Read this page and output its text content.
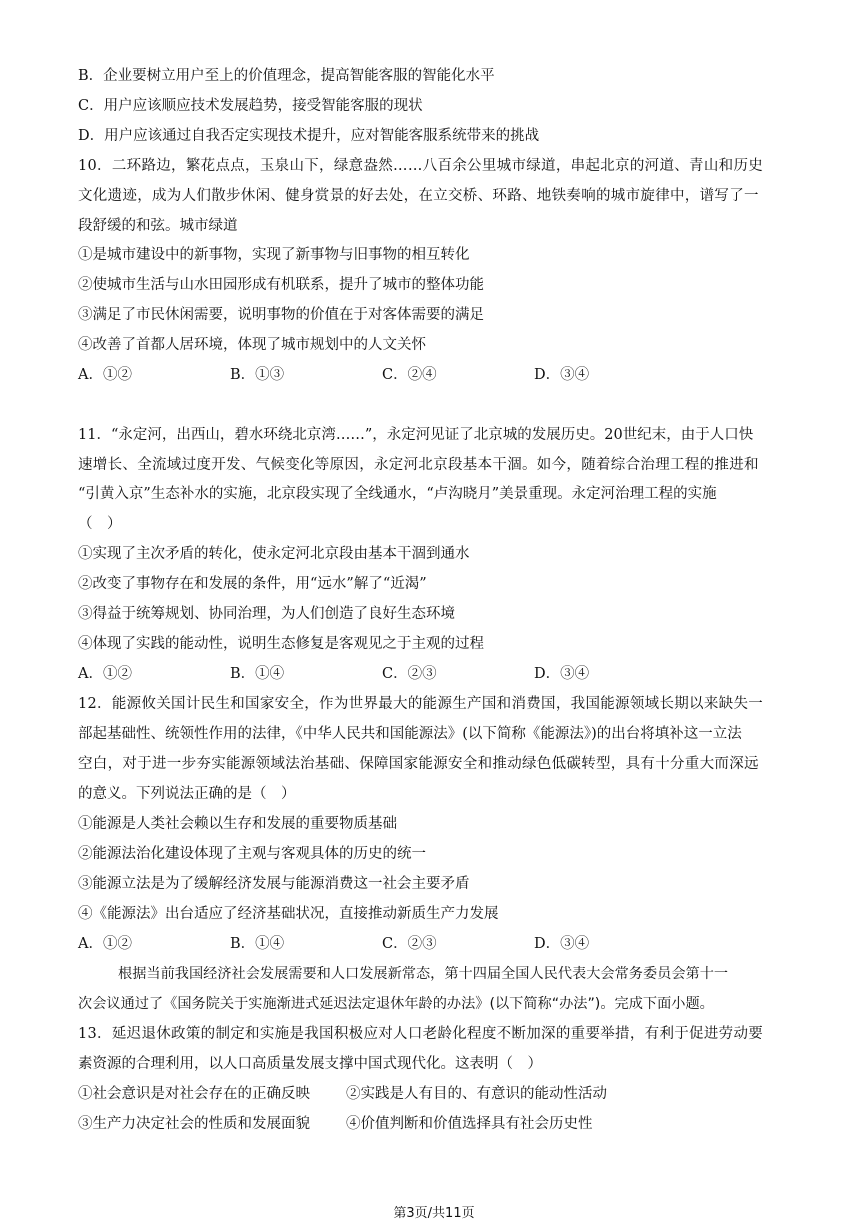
B．企业要树立用户至上的价值理念，提高智能客服的智能化水平
C．用户应该顺应技术发展趋势，接受智能客服的现状
D．用户应该通过自我否定实现技术提升，应对智能客服系统带来的挑战
10．二环路边，繁花点点，玉泉山下，绿意盎然……八百余公里城市绿道，串起北京的河道、青山和历史
文化遗迹，成为人们散步休闲、健身赏景的好去处，在立交桥、环路、地铁奏响的城市旋律中，谱写了一
段舒缓的和弦。城市绿道
①是城市建设中的新事物，实现了新事物与旧事物的相互转化
②使城市生活与山水田园形成有机联系，提升了城市的整体功能
③满足了市民休闲需要，说明事物的价值在于对客体需要的满足
④改善了首都人居环境，体现了城市规划中的人文关怀
A．①②	B．①③	C．②④	D．③④
11．“永定河，出西山，碧水环绕北京湾……”，永定河见证了北京城的发展历史。20世纪末，由于人口快
速增长、全流域过度开发、气候变化等原因，永定河北京段基本干涸。如今，随着综合治理工程的推进和
“引黄入京”生态补水的实施，北京段实现了全线通水，“卢沟晓月”美景重现。永定河治理工程的实施
（　）
①实现了主次矛盾的转化，使永定河北京段由基本干涸到通水
②改变了事物存在和发展的条件，用“远水”解了“近渴”
③得益于统筹规划、协同治理，为人们创造了良好生态环境
④体现了实践的能动性，说明生态修复是客观见之于主观的过程
A．①②	B．①④	C．②③	D．③④
12．能源攸关国计民生和国家安全，作为世界最大的能源生产国和消费国，我国能源领域长期以来缺失一
部起基础性、统领性作用的法律，《中华人民共和国能源法》(以下简称《能源法》)的出台将填补这一立法
空白，对于进一步夯实能源领域法治基础、保障国家能源安全和推动绿色低碳转型，具有十分重大而深远
的意义。下列说法正确的是（　）
①能源是人类社会赖以生存和发展的重要物质基础
②能源法治化建设体现了主观与客观具体的历史的统一
③能源立法是为了缓解经济发展与能源消费这一社会主要矛盾
④《能源法》出台适应了经济基础状况，直接推动新质生产力发展
A．①②	B．①④	C．②③	D．③④
根据当前我国经济社会发展需要和人口发展新常态，第十四届全国人民代表大会常务委员会第十一
次会议通过了《国务院关于实施渐进式延迟法定退休年龄的办法》(以下简称“办法”)。完成下面小题。
13．延迟退休政策的制定和实施是我国积极应对人口老龄化程度不断加深的重要举措，有利于促进劳动要
素资源的合理利用，以人口高质量发展支撑中国式现代化。这表明（　）
①社会意识是对社会存在的正确反映 ②实践是人有目的、有意识的能动性活动
③生产力决定社会的性质和发展面貌 ④价值判断和价值选择具有社会历史性
第3页/共11页
